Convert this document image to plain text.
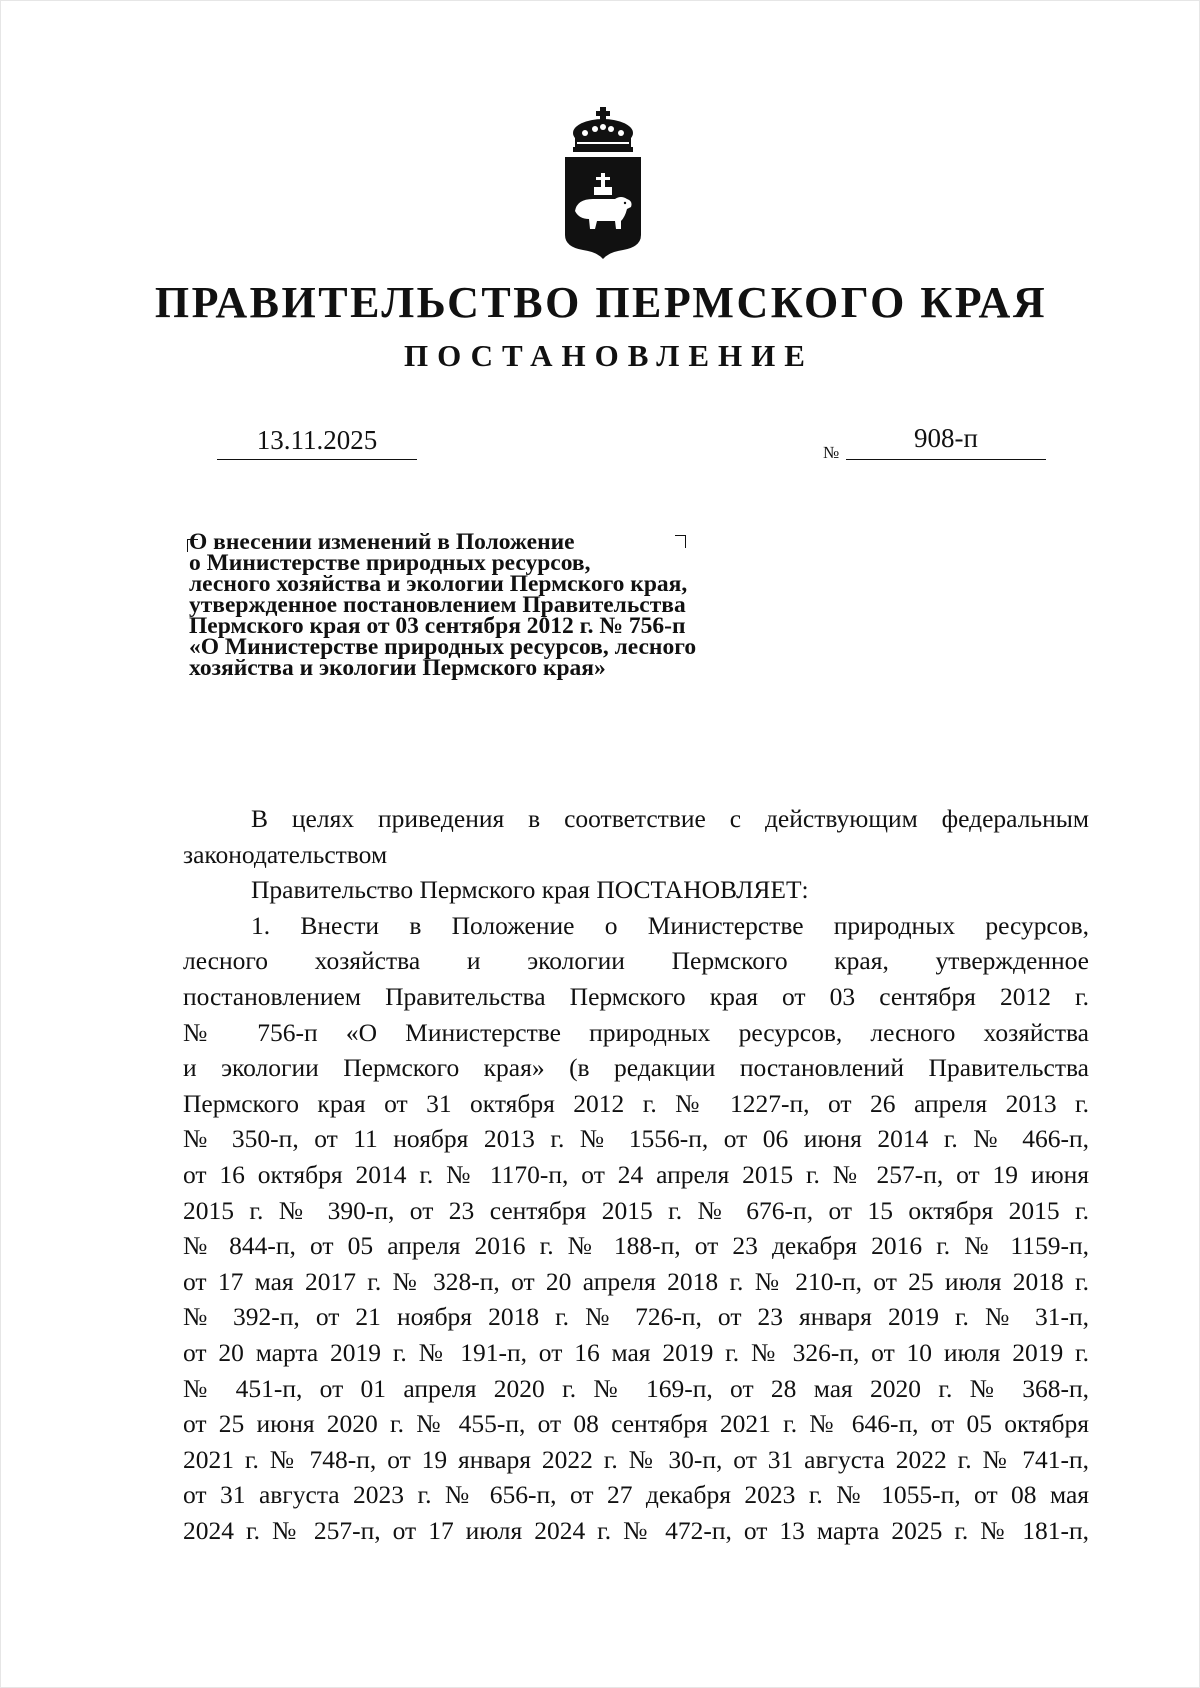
ПРАВИТЕЛЬСТВО ПЕРМСКОГО КРАЯ
ПОСТАНОВЛЕНИЕ
13.11.2025	№	908-п
О внесении изменений в Положение
о Министерстве природных ресурсов,
лесного хозяйства и экологии Пермского края,
утвержденное постановлением Правительства
Пермского края от 03 сентября 2012 г. № 756-п
«О Министерстве природных ресурсов, лесного
хозяйства и экологии Пермского края»
В целях приведения в соответствие с действующим федеральным
законодательством
Правительство Пермского края ПОСТАНОВЛЯЕТ:
1. Внести в Положение о Министерстве природных ресурсов,
лесного хозяйства и экологии Пермского края, утвержденное
постановлением Правительства Пермского края от 03 сентября 2012 г.
№ 756-п «О Министерстве природных ресурсов, лесного хозяйства
и экологии Пермского края» (в редакции постановлений Правительства
Пермского края от 31 октября 2012 г. № 1227-п, от 26 апреля 2013 г.
№ 350-п, от 11 ноября 2013 г. № 1556-п, от 06 июня 2014 г. № 466-п,
от 16 октября 2014 г. № 1170-п, от 24 апреля 2015 г. № 257-п, от 19 июня
2015 г. № 390-п, от 23 сентября 2015 г. № 676-п, от 15 октября 2015 г.
№ 844-п, от 05 апреля 2016 г. № 188-п, от 23 декабря 2016 г. № 1159-п,
от 17 мая 2017 г. № 328-п, от 20 апреля 2018 г. № 210-п, от 25 июля 2018 г.
№ 392-п, от 21 ноября 2018 г. № 726-п, от 23 января 2019 г. № 31-п,
от 20 марта 2019 г. № 191-п, от 16 мая 2019 г. № 326-п, от 10 июля 2019 г.
№ 451-п, от 01 апреля 2020 г. № 169-п, от 28 мая 2020 г. № 368-п,
от 25 июня 2020 г. № 455-п, от 08 сентября 2021 г. № 646-п, от 05 октября
2021 г. № 748-п, от 19 января 2022 г. № 30-п, от 31 августа 2022 г. № 741-п,
от 31 августа 2023 г. № 656-п, от 27 декабря 2023 г. № 1055-п, от 08 мая
2024 г. № 257-п, от 17 июля 2024 г. № 472-п, от 13 марта 2025 г. № 181-п,
